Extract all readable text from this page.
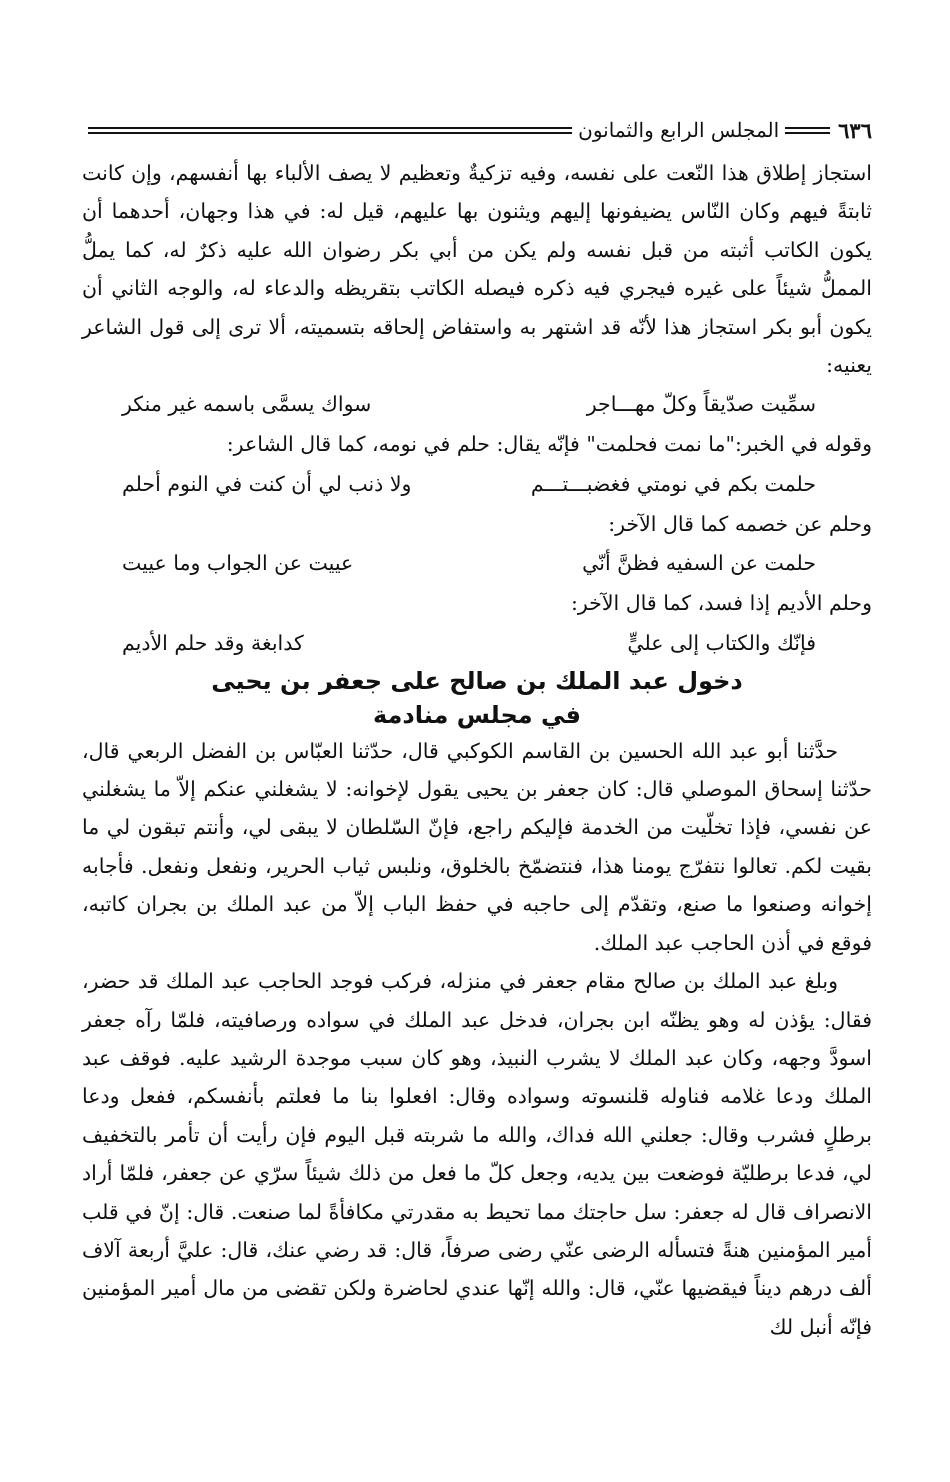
٦٣٦
المجلس الرابع والثمانون

استجاز إطلاق هذا النّعت على نفسه، وفيه تزكيةٌ وتعظيم لا يصف الألباء بها أنفسهم، وإن كانت ثابتةً فيهم وكان النّاس يضيفونها إليهم ويثنون بها عليهم، قيل له: في هذا وجهان، أحدهما أن يكون الكاتب أثبته من قبل نفسه ولم يكن من أبي بكر رضوان الله عليه ذكرٌ له، كما يملُّ المملُّ شيئاً على غيره فيجري فيه ذكره فيصله الكاتب بتقريظه والدعاء له، والوجه الثاني أن يكون أبو بكر استجاز هذا لأنّه قد اشتهر به واستفاض إلحاقه بتسميته، ألا ترى إلى قول الشاعر يعنيه:

سمِّيت صدّيقاً وكلّ مهـــاجر
سواك يسمَّى باسمه غير منكر

وقوله في الخبر:"ما نمت فحلمت" فإنّه يقال: حلم في نومه، كما قال الشاعر:

حلمت بكم في نومتي فغضبـــتـــم
ولا ذنب لي أن كنت في النوم أحلم

وحلم عن خصمه كما قال الآخر:

حلمت عن السفيه فظنَّ أنّي
عييت عن الجواب وما عييت

وحلم الأديم إذا فسد، كما قال الآخر:

فإنّك والكتاب إلى عليٍّ
كدابغة وقد حلم الأديم

دخول عبد الملك بن صالح على جعفر بن يحيى

في مجلس منادمة

حدَّثنا أبو عبد الله الحسين بن القاسم الكوكبي قال، حدّثنا العبّاس بن الفضل الربعي قال، حدّثنا إسحاق الموصلي قال: كان جعفر بن يحيى يقول لإخوانه: لا يشغلني عنكم إلاّ ما يشغلني عن نفسي، فإذا تخلّيت من الخدمة فإليكم راجع، فإنّ السّلطان لا يبقى لي، وأنتم تبقون لي ما بقيت لكم. تعالوا نتفرّج يومنا هذا، فنتضمّخ بالخلوق، ونلبس ثياب الحرير، ونفعل ونفعل. فأجابه إخوانه وصنعوا ما صنع، وتقدّم إلى حاجبه في حفظ الباب إلاّ من عبد الملك بن بجران كاتبه، فوقع في أذن الحاجب عبد الملك.

وبلغ عبد الملك بن صالح مقام جعفر في منزله، فركب فوجد الحاجب عبد الملك قد حضر، فقال: يؤذن له وهو يظنّه ابن بجران، فدخل عبد الملك في سواده ورصافيته، فلمّا رآه جعفر اسودَّ وجهه، وكان عبد الملك لا يشرب النبيذ، وهو كان سبب موجدة الرشيد عليه. فوقف عبد الملك ودعا غلامه فناوله قلنسوته وسواده وقال: افعلوا بنا ما فعلتم بأنفسكم، ففعل ودعا برطلٍ فشرب وقال: جعلني الله فداك، والله ما شربته قبل اليوم فإن رأيت أن تأمر بالتخفيف لي، فدعا برطليّة فوضعت بين يديه، وجعل كلّ ما فعل من ذلك شيئاً سرّي عن جعفر، فلمّا أراد الانصراف قال له جعفر: سل حاجتك مما تحيط به مقدرتي مكافأةً لما صنعت. قال: إنّ في قلب أمير المؤمنين هنةً فتسأله الرضى عنّي رضى صرفاً، قال: قد رضي عنك، قال: عليَّ أربعة آلاف ألف درهم ديناً فيقضيها عنّي، قال: والله إنّها عندي لحاضرة ولكن تقضى من مال أمير المؤمنين فإنّه أنبل لك
